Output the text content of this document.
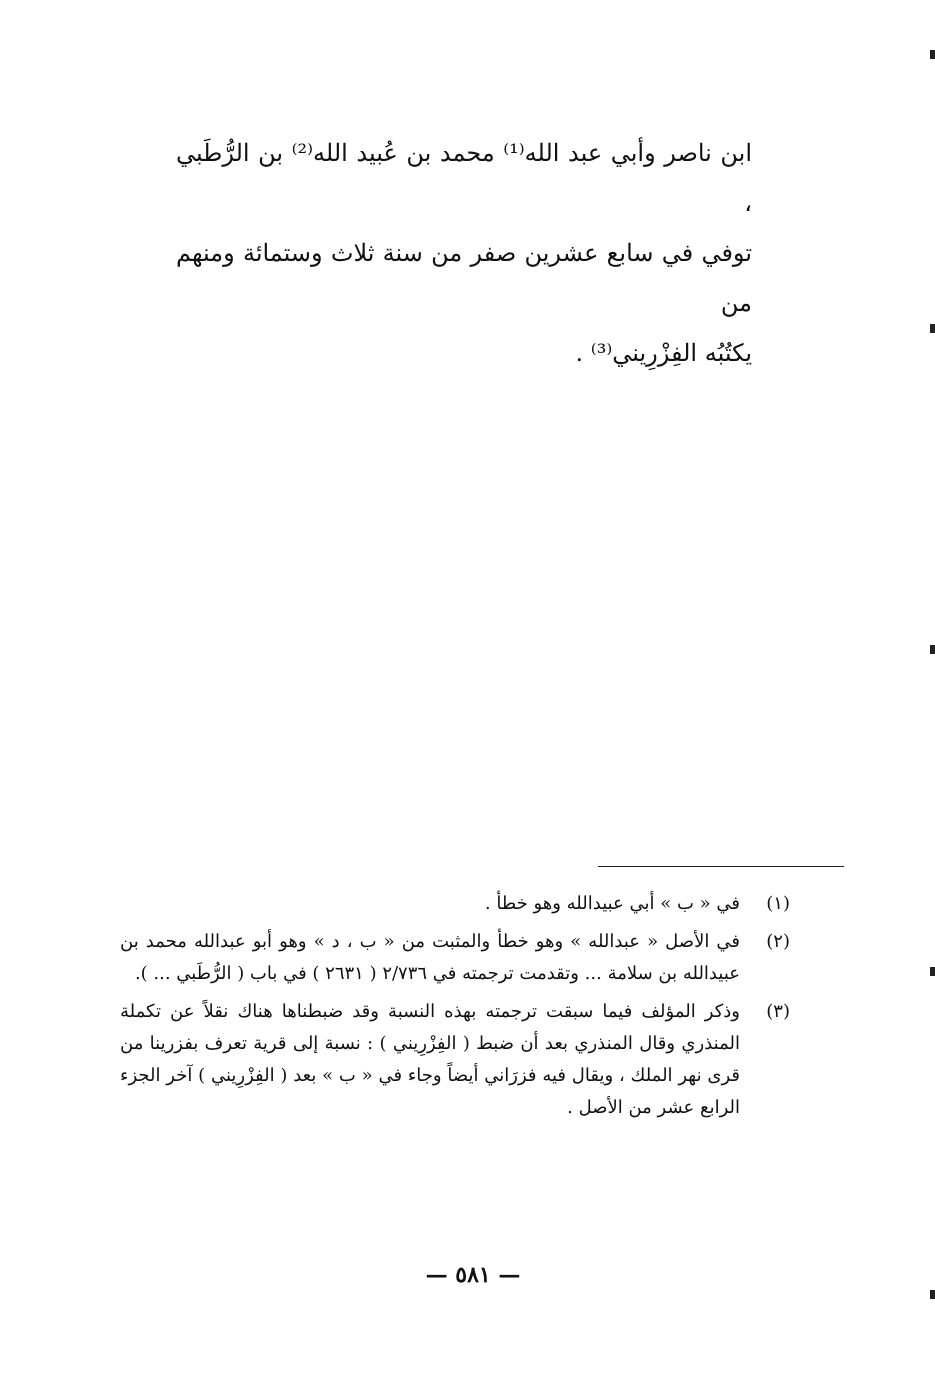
ابن ناصر وأبي عبد الله⁽¹⁾ محمد بن عُبيد الله⁽²⁾ بن الرُّطَبي ،

توفي في سابع عشرين صفر من سنة ثلاث وستمائة ومنهم من

يكتُبُه الفِزْرِيني⁽³⁾ .

(١)
في « ب » أبي عبيدالله وهو خطأ .
(٢)
في الأصل « عبدالله » وهو خطأ والمثبت من « ب ، د » وهو أبو عبدالله محمد بن عبيدالله بن سلامة ... وتقدمت ترجمته في ٢/٧٣٦ ( ٢٦٣١ ) في باب ( الرُّطَبي ... ).
(٣)
وذكر المؤلف فيما سبقت ترجمته بهذه النسبة وقد ضبطناها هناك نقلاً عن تكملة المنذري وقال المنذري بعد أن ضبط ( الفِزْرِيني ) : نسبة إلى قرية تعرف بفزرينا من قرى نهر الملك ، ويقال فيه فزرَاني أيضاً وجاء في « ب » بعد ( الفِزْرِيني ) آخر الجزء الرابع عشر من الأصل .
— ٥٨١ —
